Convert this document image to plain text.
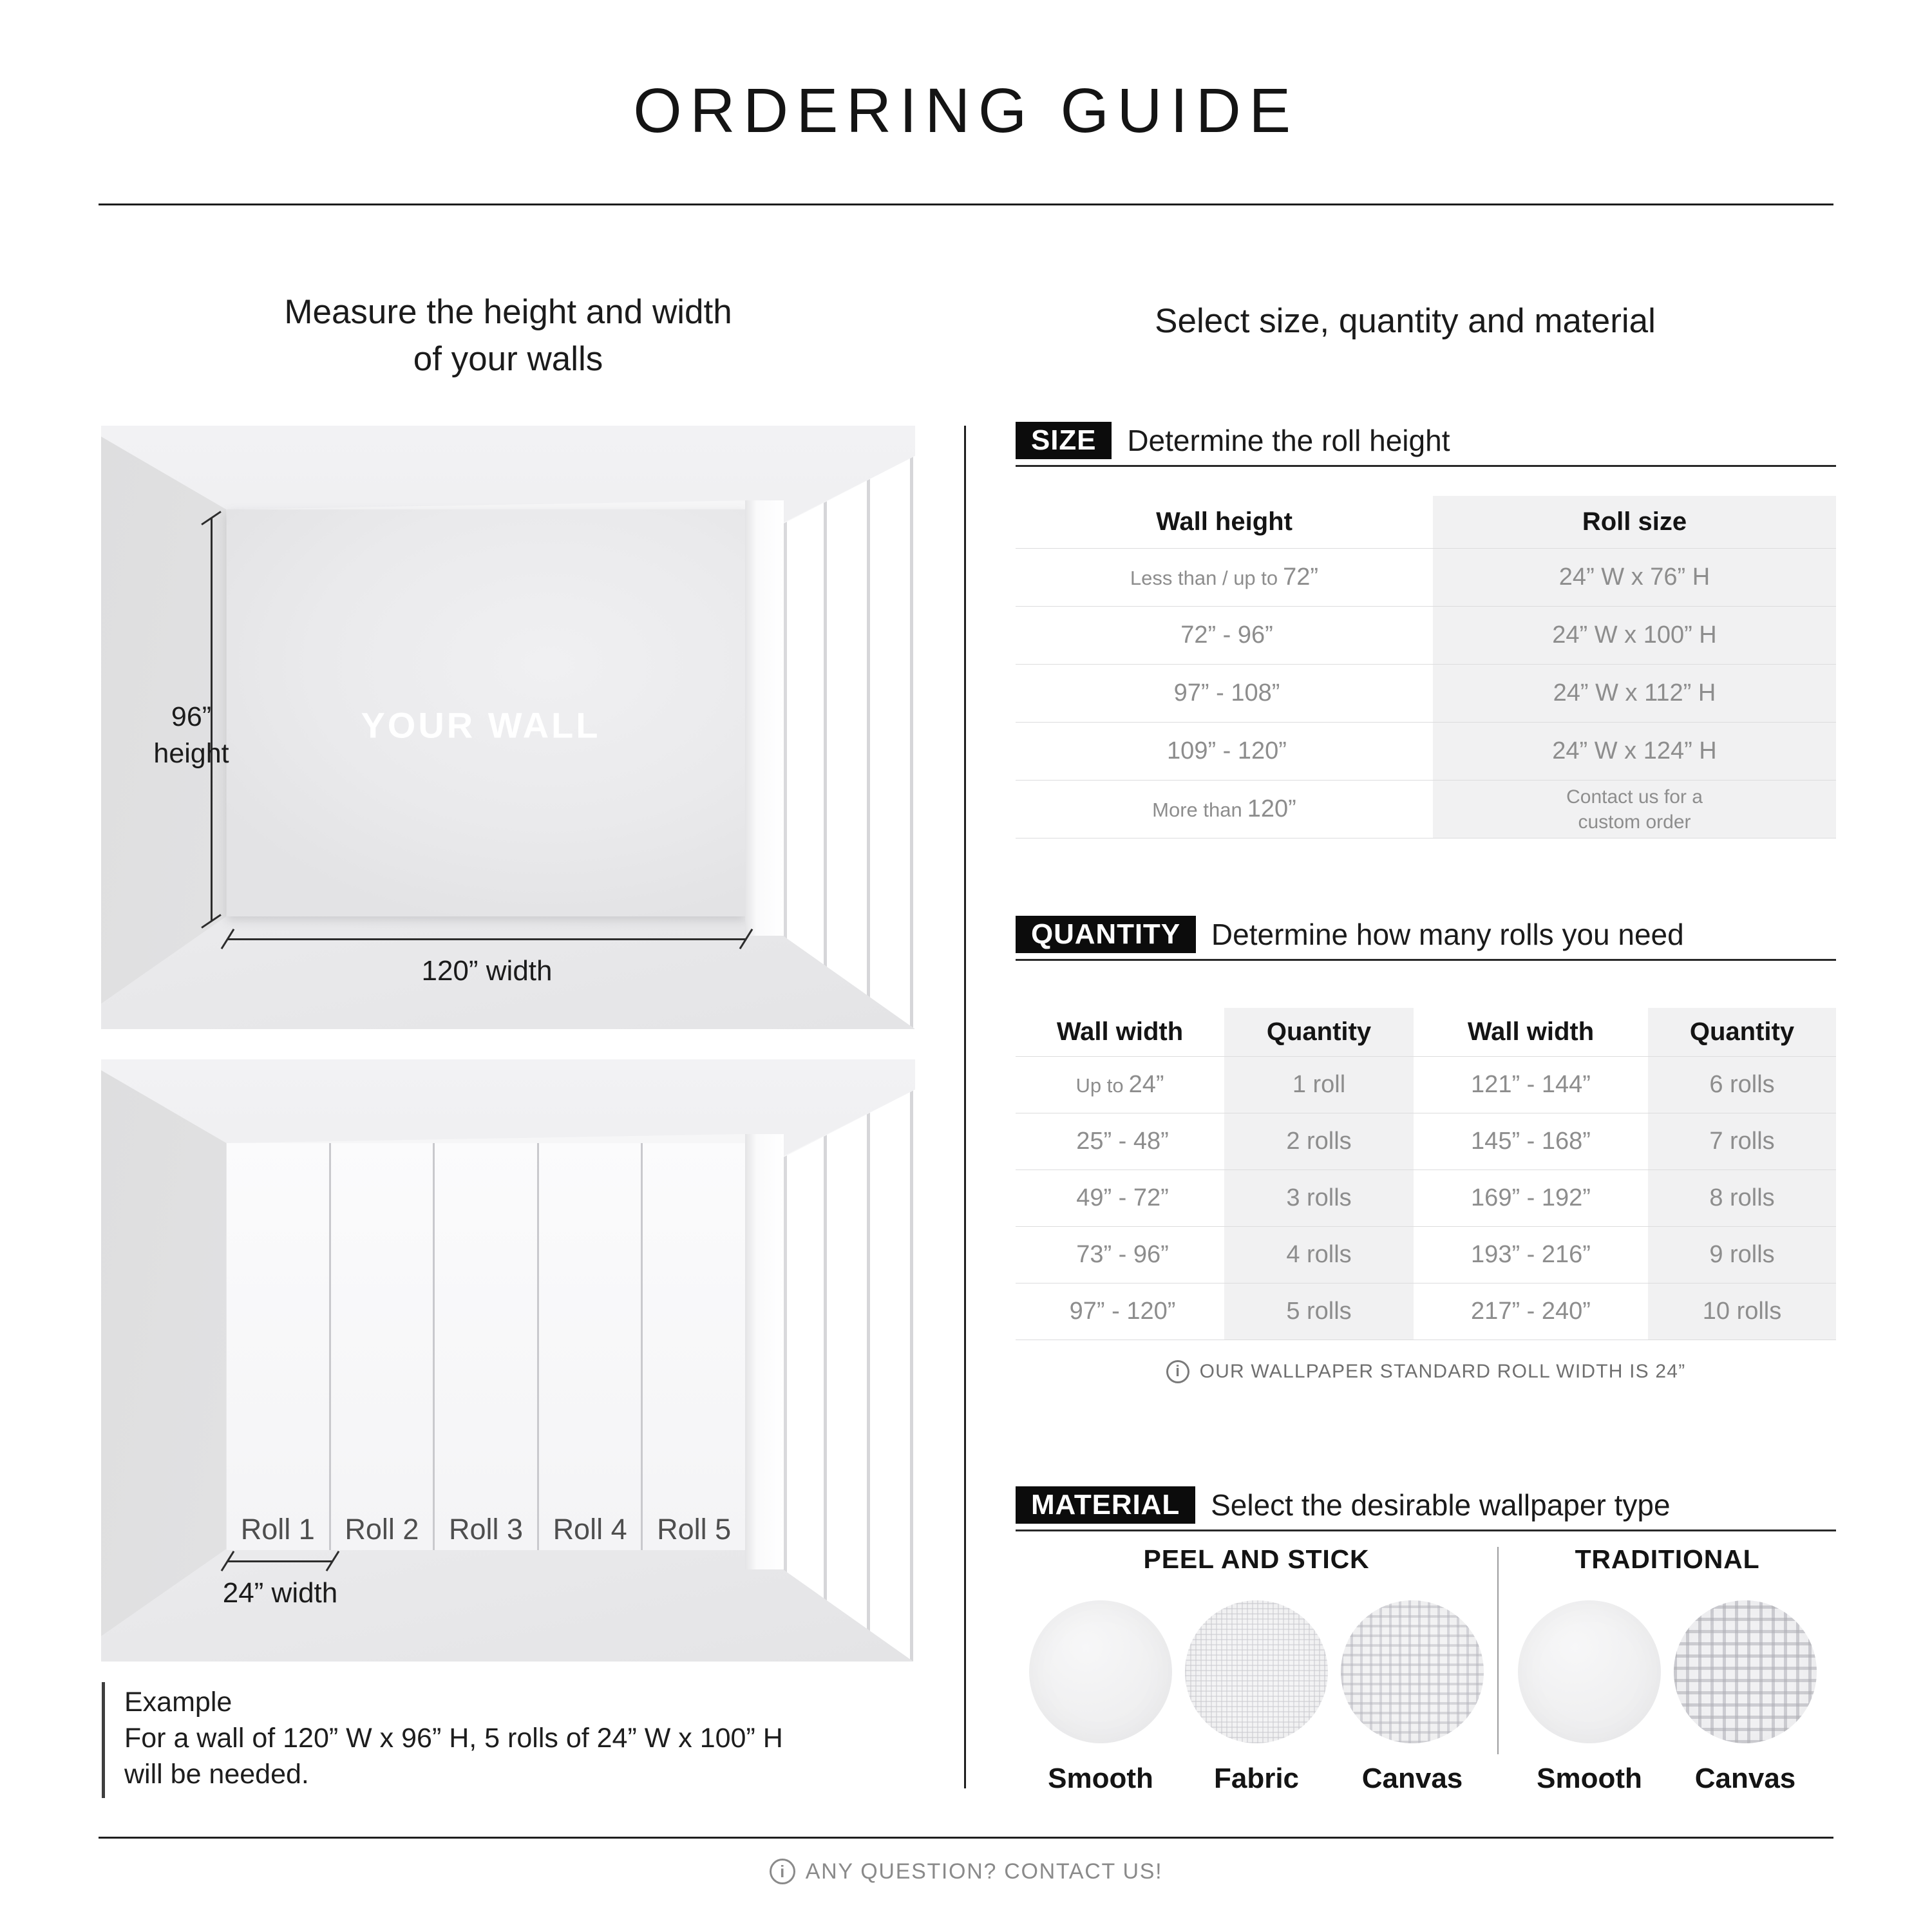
ORDERING GUIDE
Measure the height and width
of your walls
Select size, quantity and material
YOUR WALL
96”
height
120” width
Roll 1	Roll 2	Roll 3	Roll 4	Roll 5
24” width
Example
For a wall of 120” W x 96” H, 5 rolls of 24” W x 100” H
will be needed.
SIZE	Determine the roll height
Wall height	Roll size
Less than / up to 72”	24” W x 76” H
72” - 96”	24” W x 100” H
97” - 108”	24” W x 112” H
109” - 120”	24” W x 124” H
More than 120”	Contact us for a
custom order
QUANTITY	Determine how many rolls you need
Wall width	Quantity	Wall width	Quantity
Up to 24”	1 roll	121” - 144”	6 rolls
25” - 48”	2 rolls	145” - 168”	7 rolls
49” - 72”	3 rolls	169” - 192”	8 rolls
73” - 96”	4 rolls	193” - 216”	9 rolls
97” - 120”	5 rolls	217” - 240”	10 rolls
i	OUR WALLPAPER STANDARD ROLL WIDTH IS 24”
MATERIAL	Select the desirable wallpaper type
PEEL AND STICK
Smooth Fabric Canvas
TRADITIONAL
Smooth Canvas
i ANY QUESTION? CONTACT US!
